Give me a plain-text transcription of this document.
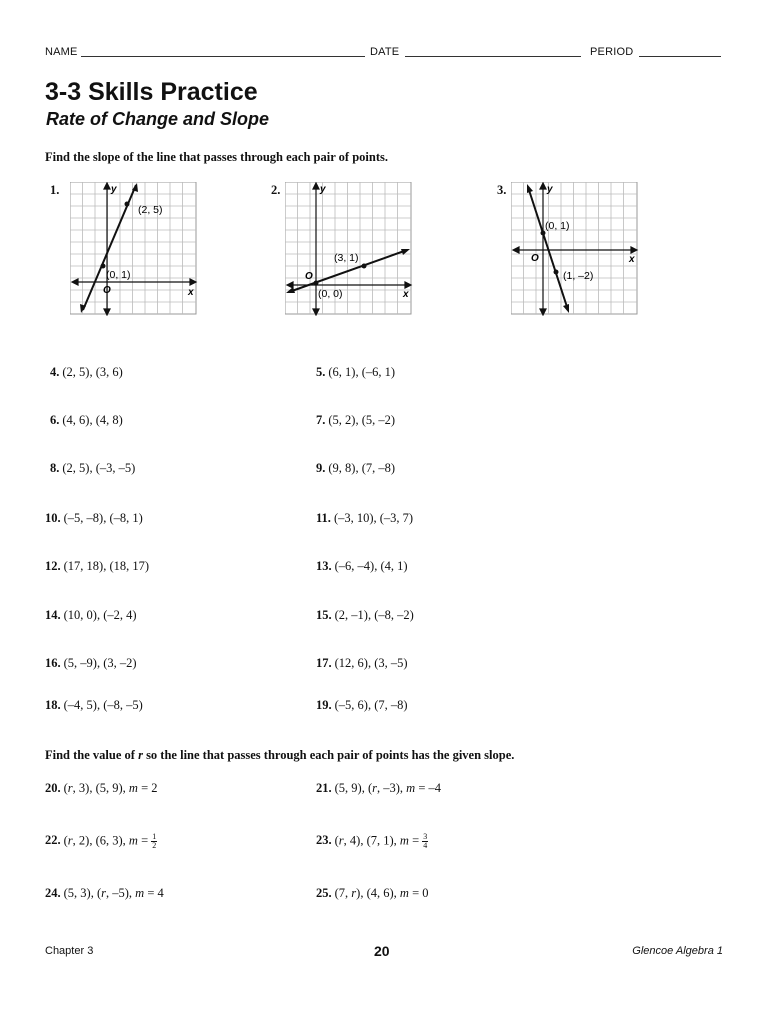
NAME	DATE	PERIOD
3-3 Skills Practice
Rate of Change and Slope
Find the slope of the line that passes through each pair of points.
1.
(2, 5)
(0, 1)
O	x
y	2.
(3, 1)
(0, 0)
O
x
y	3.
(0, 1)
(1, –2)
O	x
y
4. (2, 5), (3, 6)	5. (6, 1), (–6, 1)
6. (4, 6), (4, 8)	7. (5, 2), (5, –2)
8. (2, 5), (–3, –5)	9. (9, 8), (7, –8)
10. (–5, –8), (–8, 1)	11. (–3, 10), (–3, 7)
12. (17, 18), (18, 17)	13. (–6, –4), (4, 1)
14. (10, 0), (–2, 4)	15. (2, –1), (–8, –2)
16. (5, –9), (3, –2)	17. (12, 6), (3, –5)
18. (–4, 5), (–8, –5)	19. (–5, 6), (7, –8)
Find the value of r so the line that passes through each pair of points has the given slope.
20. (r, 3), (5, 9), m = 2	21. (5, 9), (r, –3), m = –4
22. (r, 2), (6, 3), $m = \frac{1}{2}$	23. (r, 4), (7, 1), $m = \frac{3}{4}$
24. (5, 3), (r, –5), m = 4	25. (7, r), (4, 6), m = 0
Chapter 3	20	Glencoe Algebra 1
